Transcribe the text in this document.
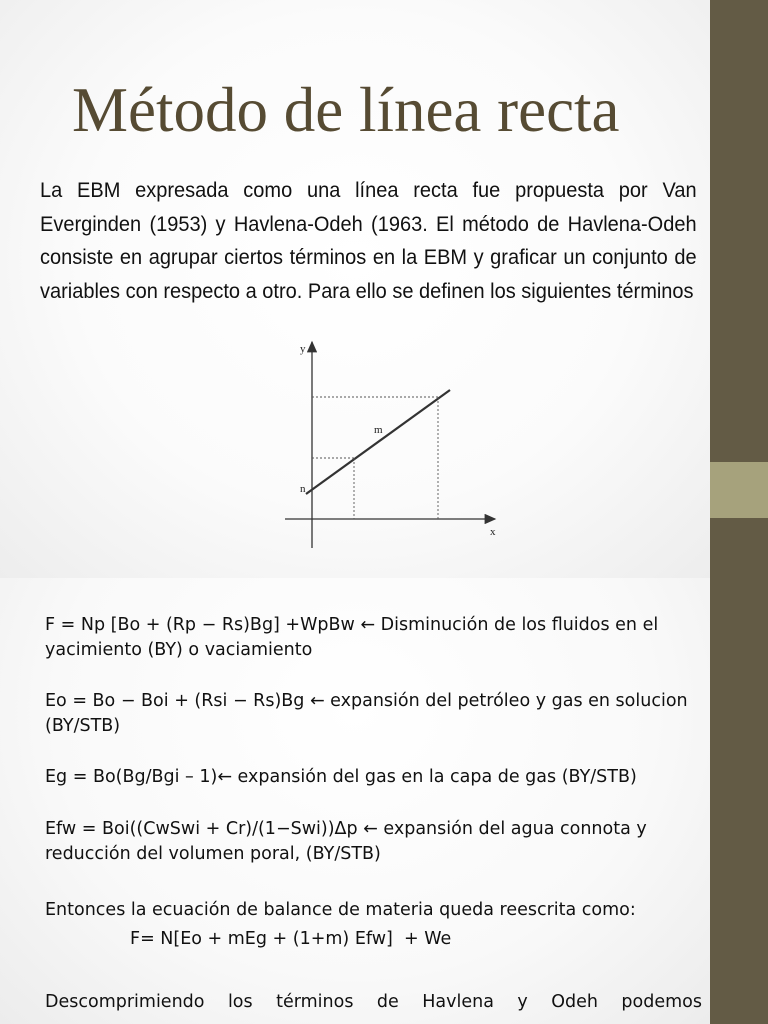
Método de línea recta
La EBM expresada como una línea recta fue propuesta por Van Everginden (1953) y Havlena-Odeh (1963. El método de Havlena-Odeh consiste en agrupar ciertos términos en la EBM y graficar un conjunto de variables con respecto a otro. Para ello se definen los siguientes términos
y
x
m
n
F = Np [Bo + (Rp − Rs)Bg] +WpBw ← Disminución de los fluidos en el yacimiento (BY) o vaciamiento
Eo = Bo − Boi + (Rsi − Rs)Bg ← expansión del petróleo y gas en solucion (BY/STB)
Eg = Bo(Bg/Bgi – 1)← expansión del gas en la capa de gas (BY/STB)
Efw = Boi((CwSwi + Cr)/(1−Swi))Δp ← expansión del agua connota y reducción del volumen poral, (BY/STB)
Entonces la ecuación de balance de materia queda reescrita como:
F= N[Eo + mEg + (1+m) Efw]  + We
Descomprimiendo los términos de Havlena y Odeh podemos
